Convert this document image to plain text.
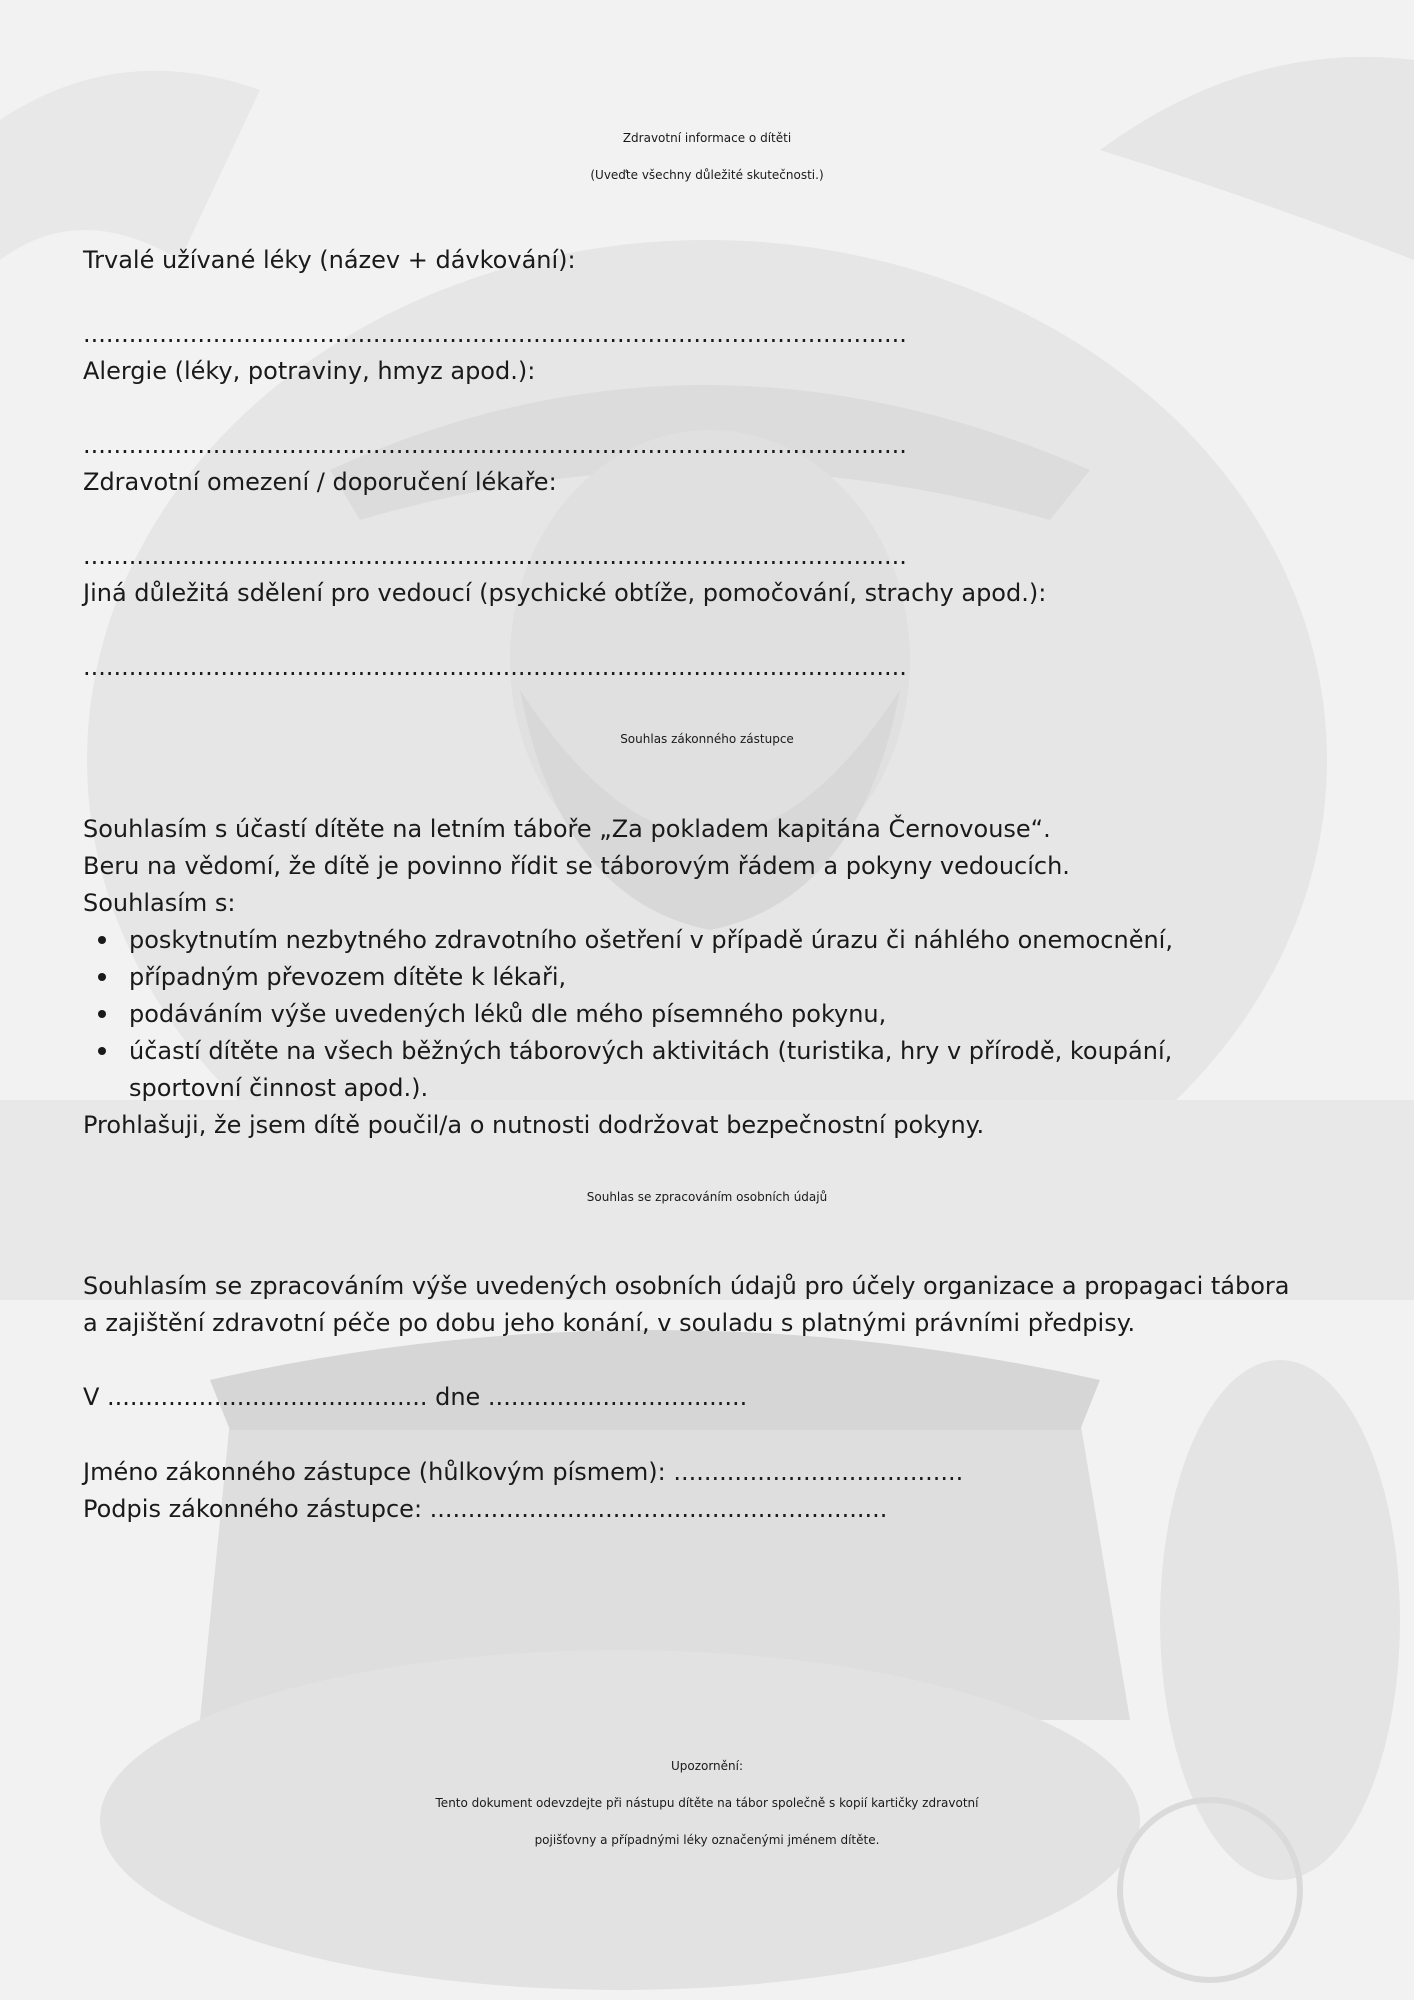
Zdravotní informace o dítěti
(Uveďte všechny důležité skutečnosti.)
Trvalé užívané léky (název + dávkování):
............................................................................................................
Alergie (léky, potraviny, hmyz apod.):
............................................................................................................
Zdravotní omezení / doporučení lékaře:
............................................................................................................
Jiná důležitá sdělení pro vedoucí (psychické obtíže, pomočování, strachy apod.):
............................................................................................................
Souhlas zákonného zástupce
Souhlasím s účastí dítěte na letním táboře „Za pokladem kapitána Černovouse“.
Beru na vědomí, že dítě je povinno řídit se táborovým řádem a pokyny vedoucích.
Souhlasím s:
poskytnutím nezbytného zdravotního ošetření v případě úrazu či náhlého onemocnění,
případným převozem dítěte k lékaři,
podáváním výše uvedených léků dle mého písemného pokynu,
účastí dítěte na všech běžných táborových aktivitách (turistika, hry v přírodě, koupání,
sportovní činnost apod.).
Prohlašuji, že jsem dítě poučil/a o nutnosti dodržovat bezpečnostní pokyny.
Souhlas se zpracováním osobních údajů
Souhlasím se zpracováním výše uvedených osobních údajů pro účely organizace a propagaci tábora
a zajištění zdravotní péče po dobu jeho konání, v souladu s platnými právními předpisy.
V .......................................... dne ..................................
Jméno zákonného zástupce (hůlkovým písmem): ......................................
Podpis zákonného zástupce: ............................................................
Upozornění:
Tento dokument odevzdejte při nástupu dítěte na tábor společně s kopií kartičky zdravotní
pojišťovny a případnými léky označenými jménem dítěte.
